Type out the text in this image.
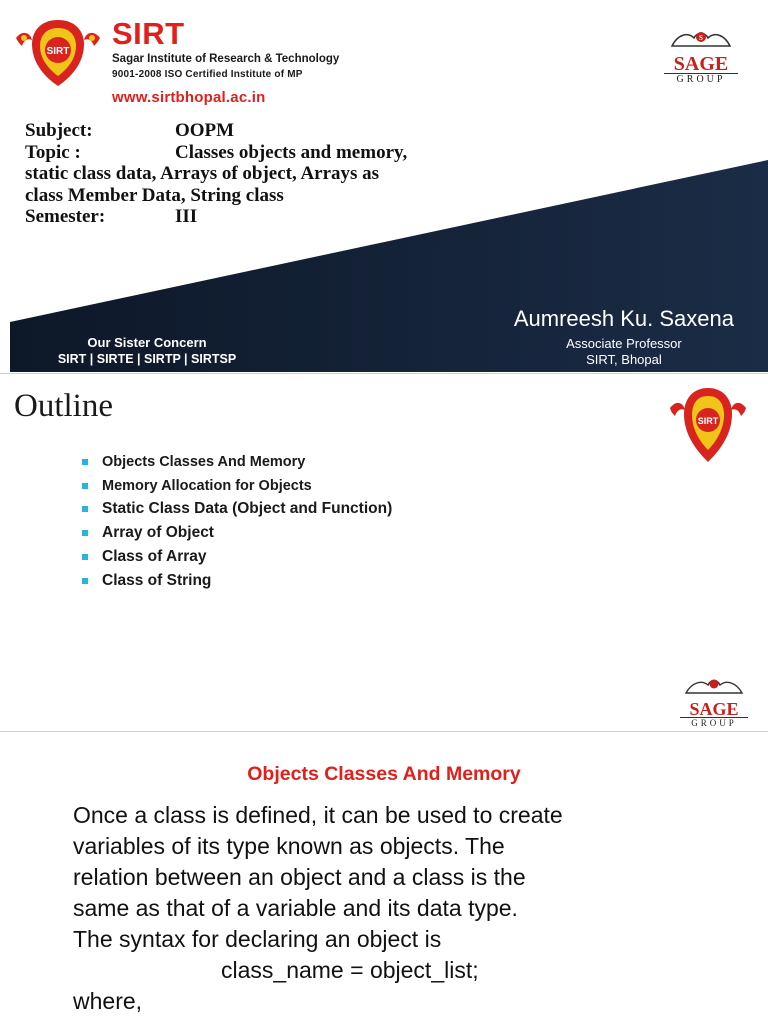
SIRT
SIRT
Sagar Institute of Research & Technology
9001-2008 ISO Certified Institute of MP
www.sirtbhopal.ac.in
S
SAGE
GROUP
Subject:	OOPM
Topic :	Classes objects and memory,
static class data, Arrays of object, Arrays as
class Member Data, String class
Semester:	III
Aumreesh Ku. Saxena
Associate Professor
SIRT, Bhopal
Our Sister Concern
SIRT | SIRTE | SIRTP | SIRTSP
Outline	SIRT
Objects Classes And Memory
Memory Allocation for Objects
Static Class Data (Object and Function)
Array of Object
Class of Array
Class of String
SAGE
GROUP
Objects Classes And Memory
Once a class is defined, it can be used to create
variables of its type known as objects. The
relation between an object and a class is the
same as that of a variable and its data type.
The syntax for declaring an object is
class_name = object_list;
where,
